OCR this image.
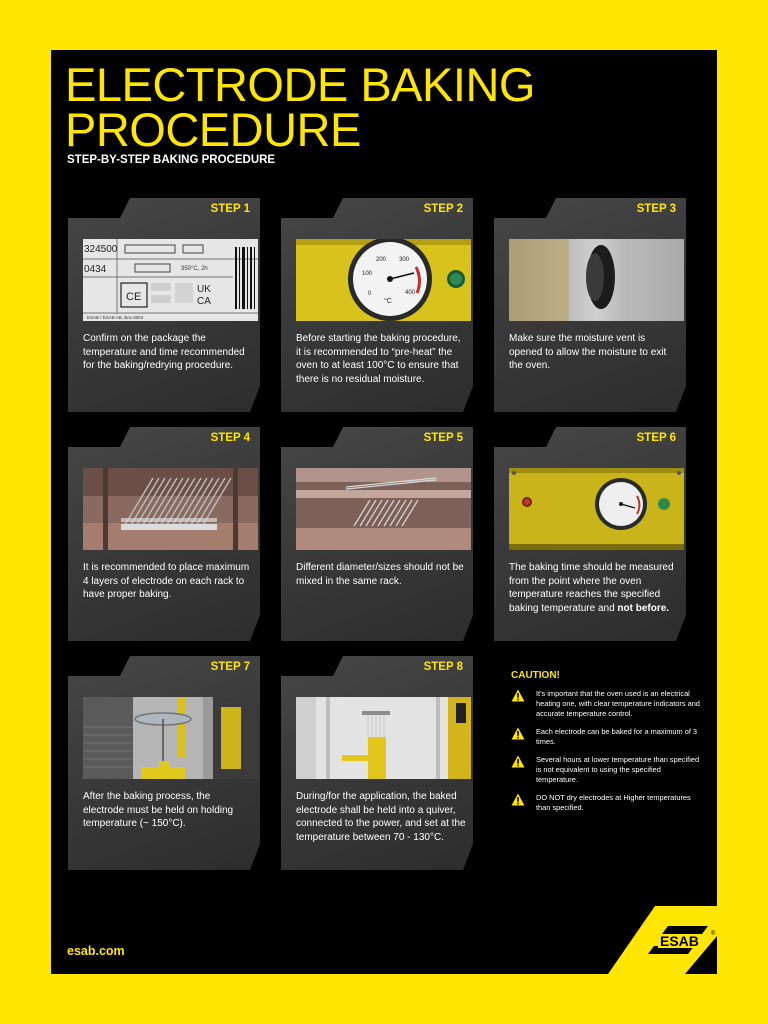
ELECTRODE BAKING
PROCEDURE
STEP-BY-STEP BAKING PROCEDURE
STEP 1
324500
0434	350°C, 2h
CE
UK
CA
ESAB / ESAB AB, Box 8004
Confirm on the package the temperature and time recommended for the baking/redrying procedure.
STEP 2
200 300
100
400
0
°C
Before starting the baking procedure, it is recommended to “pre-heat” the oven to at least 100°C to ensure that there is no residual moisture.
STEP 3
Make sure the moisture vent is opened to allow the moisture to exit the oven.
STEP 4
It is recommended to place maximum 4 layers of electrode on each rack to have proper baking.
STEP 5
Different diameter/sizes should not be mixed in the same rack.
STEP 6
The baking time should be measured from the point where the oven temperature reaches the specified baking temperature and not before.
STEP 7
After the baking process, the electrode must be held on holding temperature (~ 150°C).
STEP 8
During/for the application, the baked electrode shall be held into a quiver, connected to the power, and set at the temperature between 70 - 130°C.
CAUTION!
It's important that the oven used is an electrical heating one, with clear temperature indicators and accurate temperature control.
Each electrode can be baked for a maximum of 3 times.
Several hours at lower temperature than specified is not equivalent to using the specified temperature.
DO NOT dry electrodes at Higher temperatures than specified.
esab.com
ESAB ®
